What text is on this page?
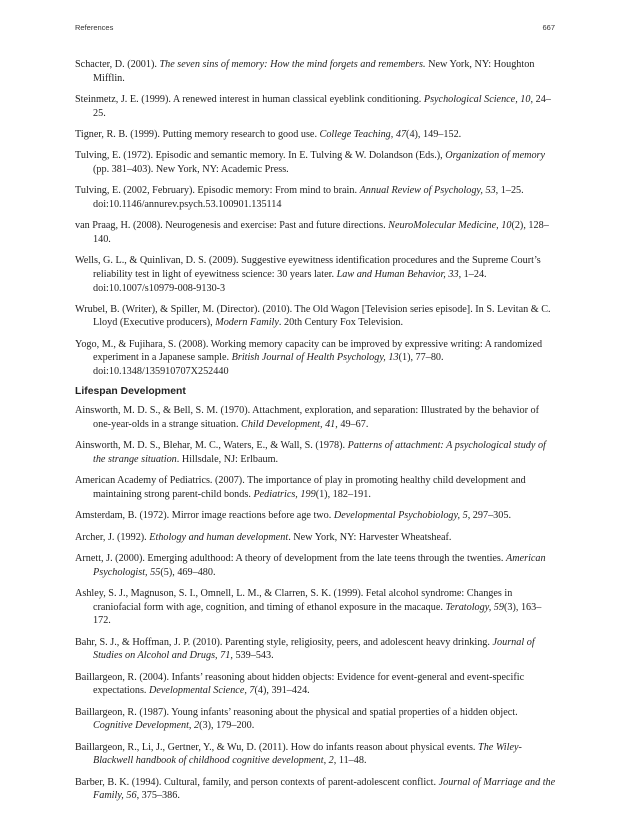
References	667

Schacter, D. (2001). The seven sins of memory: How the mind forgets and remembers. New York, NY: Houghton Mifflin.

Steinmetz, J. E. (1999). A renewed interest in human classical eyeblink conditioning. Psychological Science, 10, 24–25.

Tigner, R. B. (1999). Putting memory research to good use. College Teaching, 47(4), 149–152.

Tulving, E. (1972). Episodic and semantic memory. In E. Tulving & W. Dolandson (Eds.), Organization of memory (pp. 381–403). New York, NY: Academic Press.

Tulving, E. (2002, February). Episodic memory: From mind to brain. Annual Review of Psychology, 53, 1–25. doi:10.1146/annurev.psych.53.100901.135114

van Praag, H. (2008). Neurogenesis and exercise: Past and future directions. NeuroMolecular Medicine, 10(2), 128–140.

Wells, G. L., & Quinlivan, D. S. (2009). Suggestive eyewitness identification procedures and the Supreme Court’s reliability test in light of eyewitness science: 30 years later. Law and Human Behavior, 33, 1–24. doi:10.1007/s10979-008-9130-3

Wrubel, B. (Writer), & Spiller, M. (Director). (2010). The Old Wagon [Television series episode]. In S. Levitan & C. Lloyd (Executive producers), Modern Family. 20th Century Fox Television.

Yogo, M., & Fujihara, S. (2008). Working memory capacity can be improved by expressive writing: A randomized experiment in a Japanese sample. British Journal of Health Psychology, 13(1), 77–80. doi:10.1348/135910707X252440

Lifespan Development

Ainsworth, M. D. S., & Bell, S. M. (1970). Attachment, exploration, and separation: Illustrated by the behavior of one-year-olds in a strange situation. Child Development, 41, 49–67.

Ainsworth, M. D. S., Blehar, M. C., Waters, E., & Wall, S. (1978). Patterns of attachment: A psychological study of the strange situation. Hillsdale, NJ: Erlbaum.

American Academy of Pediatrics. (2007). The importance of play in promoting healthy child development and maintaining strong parent-child bonds. Pediatrics, 199(1), 182–191.

Amsterdam, B. (1972). Mirror image reactions before age two. Developmental Psychobiology, 5, 297–305.

Archer, J. (1992). Ethology and human development. New York, NY: Harvester Wheatsheaf.

Arnett, J. (2000). Emerging adulthood: A theory of development from the late teens through the twenties. American Psychologist, 55(5), 469–480.

Ashley, S. J., Magnuson, S. I., Omnell, L. M., & Clarren, S. K. (1999). Fetal alcohol syndrome: Changes in craniofacial form with age, cognition, and timing of ethanol exposure in the macaque. Teratology, 59(3), 163–172.

Bahr, S. J., & Hoffman, J. P. (2010). Parenting style, religiosity, peers, and adolescent heavy drinking. Journal of Studies on Alcohol and Drugs, 71, 539–543.

Baillargeon, R. (2004). Infants’ reasoning about hidden objects: Evidence for event-general and event-specific expectations. Developmental Science, 7(4), 391–424.

Baillargeon, R. (1987). Young infants’ reasoning about the physical and spatial properties of a hidden object. Cognitive Development, 2(3), 179–200.

Baillargeon, R., Li, J., Gertner, Y., & Wu, D. (2011). How do infants reason about physical events. The Wiley-Blackwell handbook of childhood cognitive development, 2, 11–48.

Barber, B. K. (1994). Cultural, family, and person contexts of parent-adolescent conflict. Journal of Marriage and the Family, 56, 375–386.
